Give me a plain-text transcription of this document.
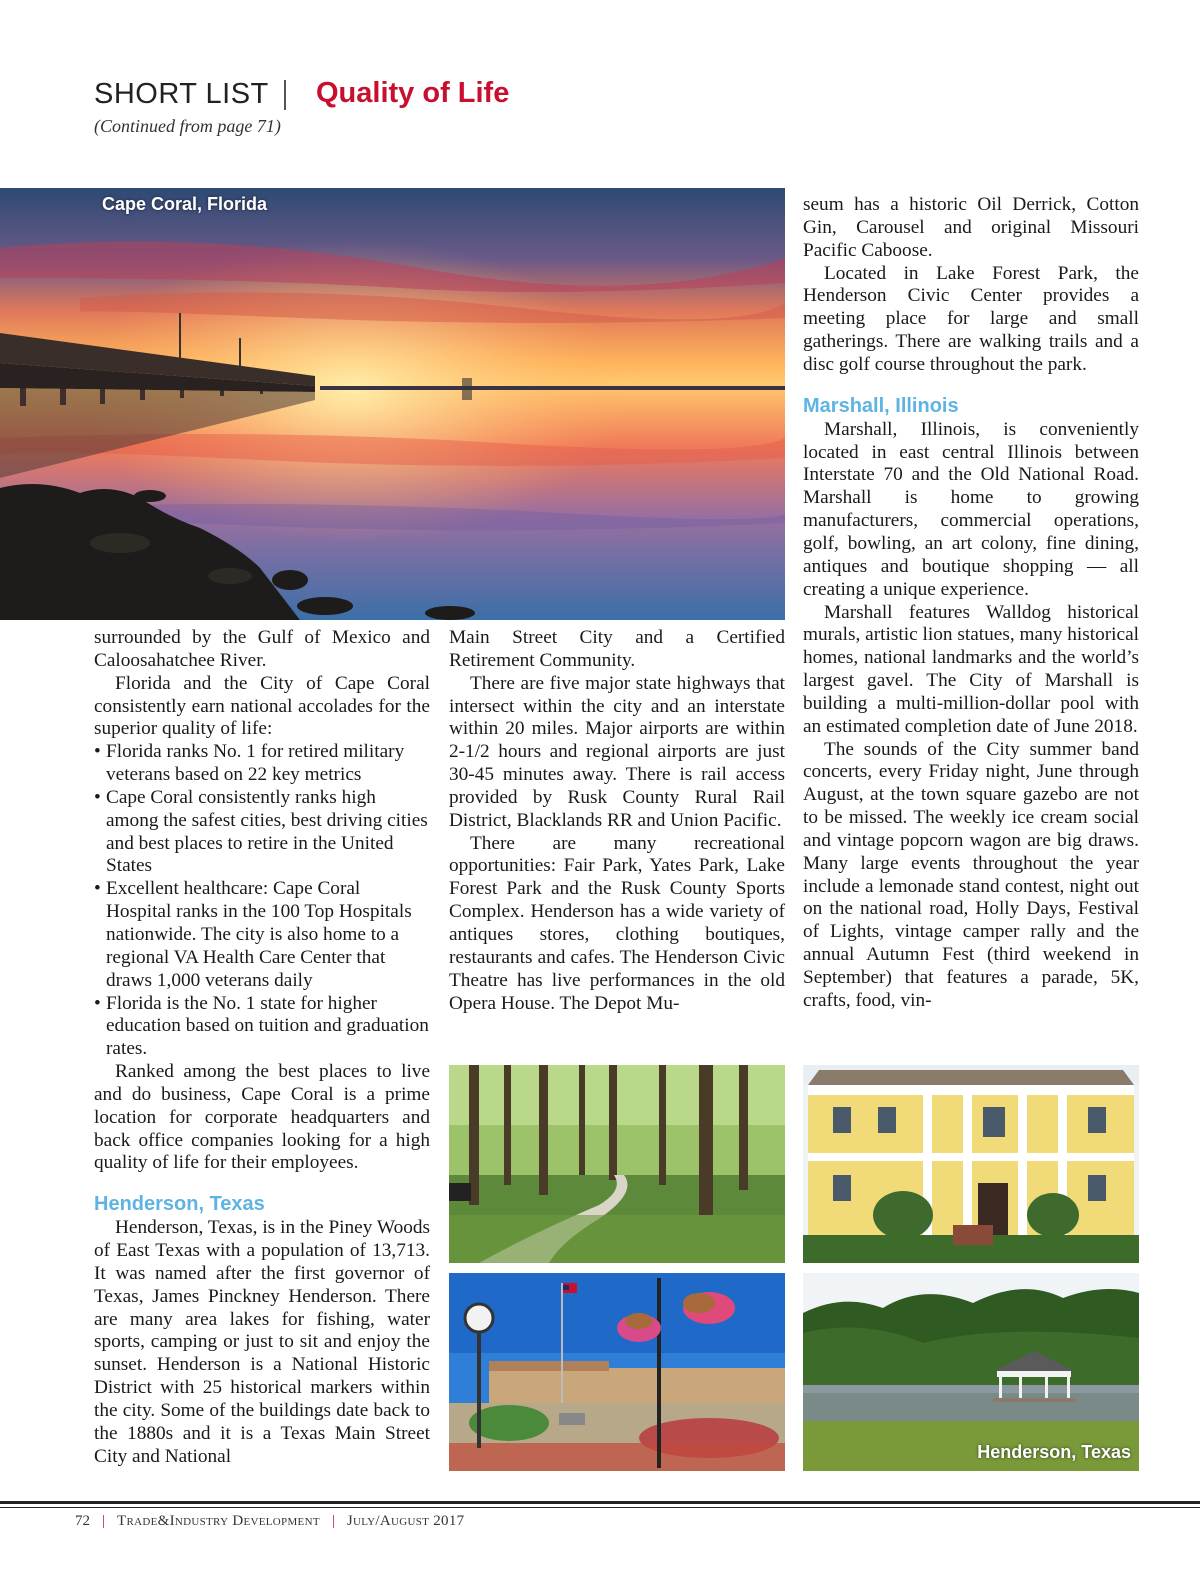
SHORT LIST Quality of Life
(Continued from page 71)
Cape Coral, Florida

surrounded by the Gulf of Mexico and Caloosahatchee River.

Florida and the City of Cape Coral consistently earn national accolades for the superior quality of life:

• Florida ranks No. 1 for retired military veterans based on 22 key metrics
• Cape Coral consistently ranks high among the safest cities, best driving cities and best places to retire in the United States
• Excellent healthcare: Cape Coral Hospital ranks in the 100 Top Hospitals nationwide. The city is also home to a regional VA Health Care Center that draws 1,000 veterans daily
• Florida is the No. 1 state for higher education based on tuition and graduation rates.

Ranked among the best places to live and do business, Cape Coral is a prime location for corporate headquarters and back office companies looking for a high quality of life for their employees.

Henderson, Texas

Henderson, Texas, is in the Piney Woods of East Texas with a population of 13,713. It was named after the first governor of Texas, James Pinckney Henderson. There are many area lakes for fishing, water sports, camping or just to sit and enjoy the sunset. Henderson is a National Historic District with 25 historical markers within the city. Some of the buildings date back to the 1880s and it is a Texas Main Street City and National

Main Street City and a Certified Retirement Community.

There are five major state highways that intersect within the city and an interstate within 20 miles. Major airports are within 2-1/2 hours and regional airports are just 30-45 minutes away. There is rail access provided by Rusk County Rural Rail District, Blacklands RR and Union Pacific.

There are many recreational opportunities: Fair Park, Yates Park, Lake Forest Park and the Rusk County Sports Complex. Henderson has a wide variety of antiques stores, clothing boutiques, restaurants and cafes. The Henderson Civic Theatre has live performances in the old Opera House. The Depot Mu-

seum has a historic Oil Derrick, Cotton Gin, Carousel and original Missouri Pacific Caboose.

Located in Lake Forest Park, the Henderson Civic Center provides a meeting place for large and small gatherings. There are walking trails and a disc golf course throughout the park.

Marshall, Illinois

Marshall, Illinois, is conveniently located in east central Illinois between Interstate 70 and the Old National Road. Marshall is home to growing manufacturers, commercial operations, golf, bowling, an art colony, fine dining, antiques and boutique shopping — all creating a unique experience.

Marshall features Walldog historical murals, artistic lion statues, many historical homes, national landmarks and the world’s largest gavel. The City of Marshall is building a multi-million-dollar pool with an estimated completion date of June 2018.

The sounds of the City summer band concerts, every Friday night, June through August, at the town square gazebo are not to be missed. The weekly ice cream social and vintage popcorn wagon are big draws. Many large events throughout the year include a lemonade stand contest, night out on the national road, Holly Days, Festival of Lights, vintage camper rally and the annual Autumn Fest (third weekend in September) that features a parade, 5K, crafts, food, vin-

Henderson, Texas
72 | Trade&Industry Development | July/August 2017
